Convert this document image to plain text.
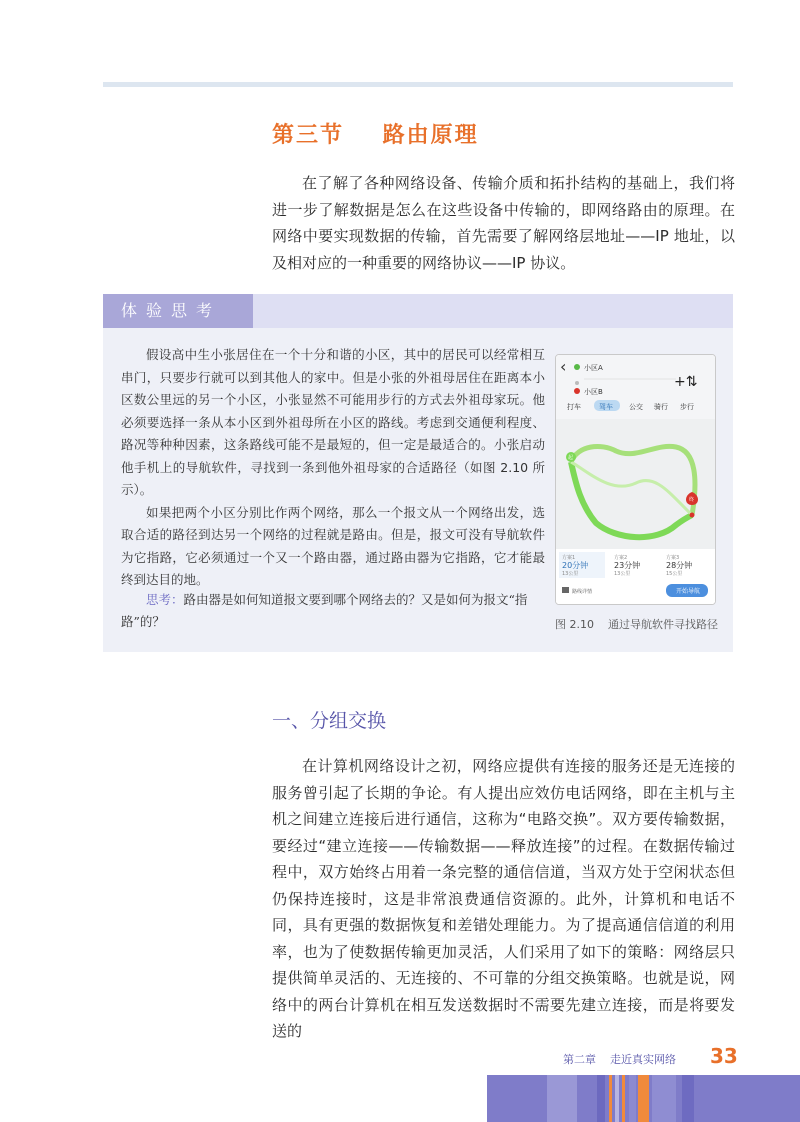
第三节    路由原理

在了解了各种网络设备、传输介质和拓扑结构的基础上，我们将进一步了解数据是怎么在这些设备中传输的，即网络路由的原理。在网络中要实现数据的传输，首先需要了解网络层地址——IP 地址，以及相对应的一种重要的网络协议——IP 协议。

体验思考

假设高中生小张居住在一个十分和谐的小区，其中的居民可以经常相互串门，只要步行就可以到其他人的家中。但是小张的外祖母居住在距离本小区数公里远的另一个小区，小张显然不可能用步行的方式去外祖母家玩。他必须要选择一条从本小区到外祖母所在小区的路线。考虑到交通便利程度、路况等种种因素，这条路线可能不是最短的，但一定是最适合的。小张启动他手机上的导航软件，寻找到一条到他外祖母家的合适路径（如图 2.10 所示）。

如果把两个小区分别比作两个网络，那么一个报文从一个网络出发，选取合适的路径到达另一个网络的过程就是路由。但是，报文可没有导航软件为它指路，它必须通过一个又一个路由器，通过路由器为它指路，它才能最终到达目的地。

思考：路由器是如何知道报文要到哪个网络去的？又是如何为报文“指路”的？
‹	小区A
小区B
+⇅
打车	驾车 公交 骑行 步行
起
终
方案1
20分钟
13公里
方案2
23分钟
13公里
方案3
28分钟
15公里
路线详情	开始导航
图 2.10    通过导航软件寻找路径
一、分组交换

在计算机网络设计之初，网络应提供有连接的服务还是无连接的服务曾引起了长期的争论。有人提出应效仿电话网络，即在主机与主机之间建立连接后进行通信，这称为“电路交换”。双方要传输数据，要经过“建立连接——传输数据——释放连接”的过程。在数据传输过程中，双方始终占用着一条完整的通信信道，当双方处于空闲状态但仍保持连接时，这是非常浪费通信资源的。此外，计算机和电话不同，具有更强的数据恢复和差错处理能力。为了提高通信信道的利用率，也为了使数据传输更加灵活，人们采用了如下的策略：网络层只提供简单灵活的、无连接的、不可靠的分组交换策略。也就是说，网络中的两台计算机在相互发送数据时不需要先建立连接，而是将要发送的

第二章    走近真实网络 33
